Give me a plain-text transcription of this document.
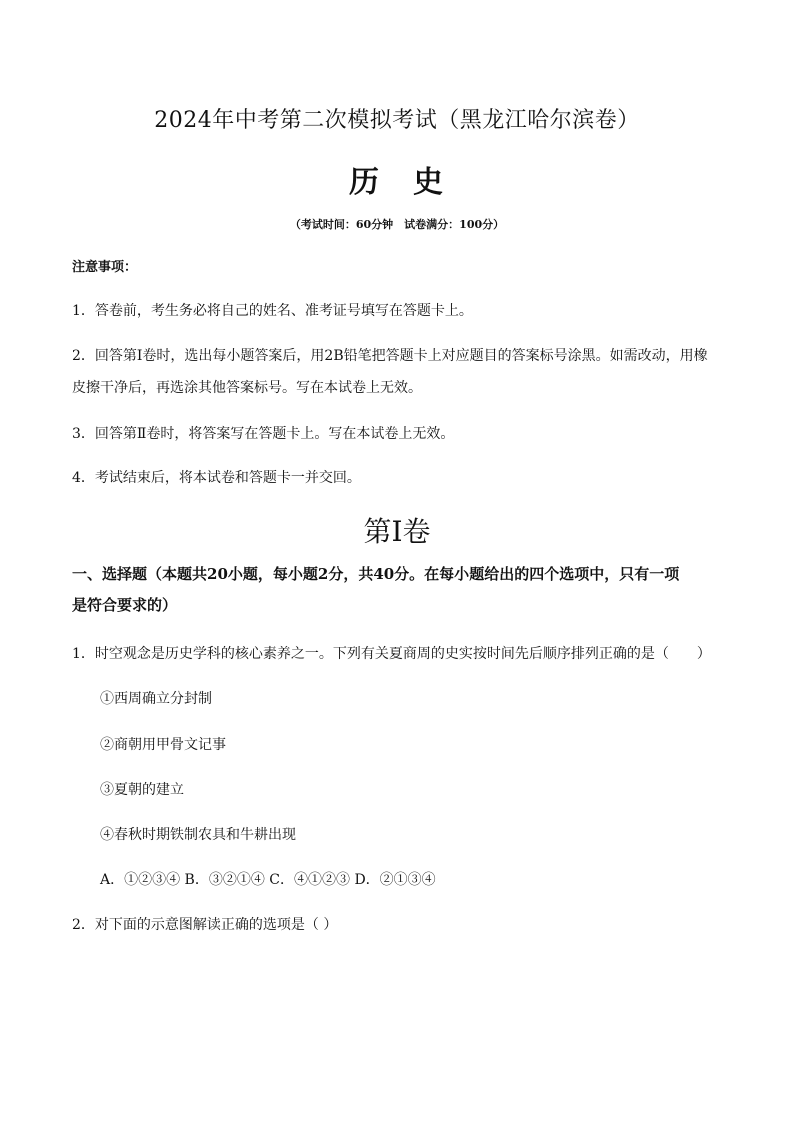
2024年中考第二次模拟考试（黑龙江哈尔滨卷）
历　史
（考试时间：60分钟　试卷满分：100分）
注意事项：
1．答卷前，考生务必将自己的姓名、准考证号填写在答题卡上。
2．回答第Ⅰ卷时，选出每小题答案后，用2B铅笔把答题卡上对应题目的答案标号涂黑。如需改动，用橡
皮擦干净后，再选涂其他答案标号。写在本试卷上无效。
3．回答第Ⅱ卷时，将答案写在答题卡上。写在本试卷上无效。
4．考试结束后，将本试卷和答题卡一并交回。
第Ⅰ卷
一、选择题（本题共20小题，每小题2分，共40分。在每小题给出的四个选项中，只有一项
是符合要求的）
1．时空观念是历史学科的核心素养之一。下列有关夏商周的史实按时间先后顺序排列正确的是（　　）
①西周确立分封制
②商朝用甲骨文记事
③夏朝的建立
④春秋时期铁制农具和牛耕出现
A．①②③④ B．③②①④ C．④①②③ D．②①③④
2．对下面的示意图解读正确的选项是（ ）
